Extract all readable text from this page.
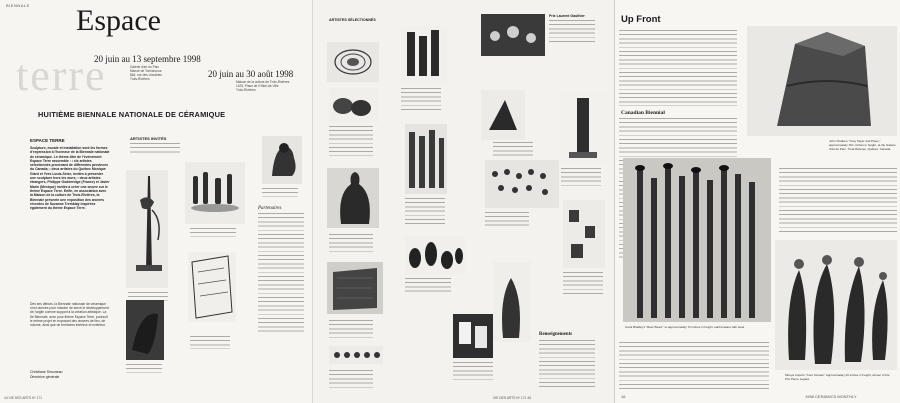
BIENNALE
terre
Espace
20 juin au 13 septembre 1998
Galerie d'art du Parc
Manoir de Tonnancour
864, rue des Ursulines
Trois-Rivières	20 juin au 30 août 1998
Maison de la culture de Trois-Rivières
1425, Place de l'Hôtel-de-Ville
Trois-Rivières
HUITIÈME BIENNALE NATIONALE DE CÉRAMIQUE
ESPACE TERRE
Sculpture, murale et installation sont les formes d'expression à l'honneur de la Biennale nationale de céramique. Le thème-titre de l'événement Espace Terre rassemble : • six artistes sélectionnés provenant de différentes provinces du Canada; • deux artistes du Québec Monique Giard et Yves Louis-Seize, invités à présenter une sculpture hors les murs; • deux artistes étrangers, Philippe Godderidge (France) et Javier Marín (Mexique) invités à créer une œuvre sur le thème Espace Terre. Enfin, en association avec la Maison de la culture de Trois-Rivières, la Biennale présente une exposition des œuvres récentes de Suzanne Tremblay inspirées également du thème Espace Terre.
Dès ses débuts, la Biennale nationale de céramique s'est donnée pour mission de servir le développement de l'argile comme support à la création artistique. La 8e Biennale, avec pour thème Espace Terre, poursuit le même projet en exposant des œuvres de lieu, de volume, ainsi que de territoires intérieur et extérieur.
Christiane Simoneau
Directrice générale
ARTISTES INVITÉS
Partenaires
44 VIE DES ARTS Nº 171
ARTISTES SÉLECTIONNÉS
Prix Laurent Gauthier
Renseignements
VIE DES ARTS Nº 171 45
Up Front
Canadian Biennial
John Chalke's "Grey Taper and Pipes," approximately 16¾ inches in height, at the Galerie d'art du Parc, Trois-Rivières, Québec, Canada.
Carol Bradley's "Reel Weed," to approximately 72 inches in height, earthenware with steel.
Mireya Cupel's "Cunt Scream" approximately 46 inches in height, winner of the Prix Pierre Legaré.
16	1998 CERAMICS MONTHLY
